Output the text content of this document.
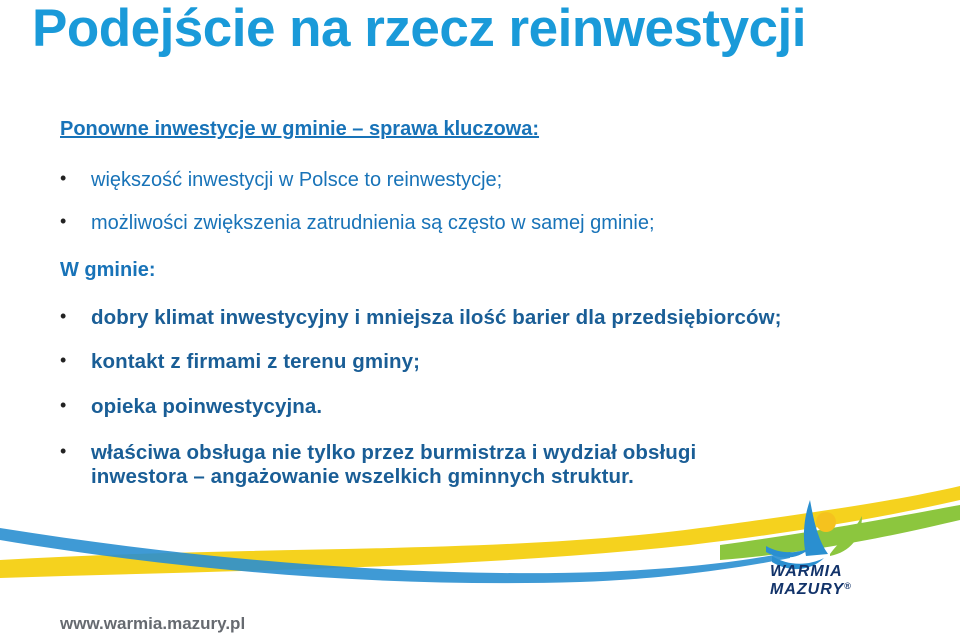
Podejście na rzecz reinwestycji
Ponowne inwestycje w gminie – sprawa kluczowa:
• większość inwestycji w Polsce to reinwestycje;
• możliwości zwiększenia zatrudnienia są często w samej gminie;
W gminie:
• dobry klimat inwestycyjny i mniejsza ilość barier dla przedsiębiorców;
• kontakt z firmami z terenu gminy;
• opieka poinwestycyjna.
• właściwa obsługa nie tylko przez burmistrza i wydział obsługi
inwestora – angażowanie wszelkich gminnych struktur.
WARMIA
MAZURY®
www.warmia.mazury.pl
